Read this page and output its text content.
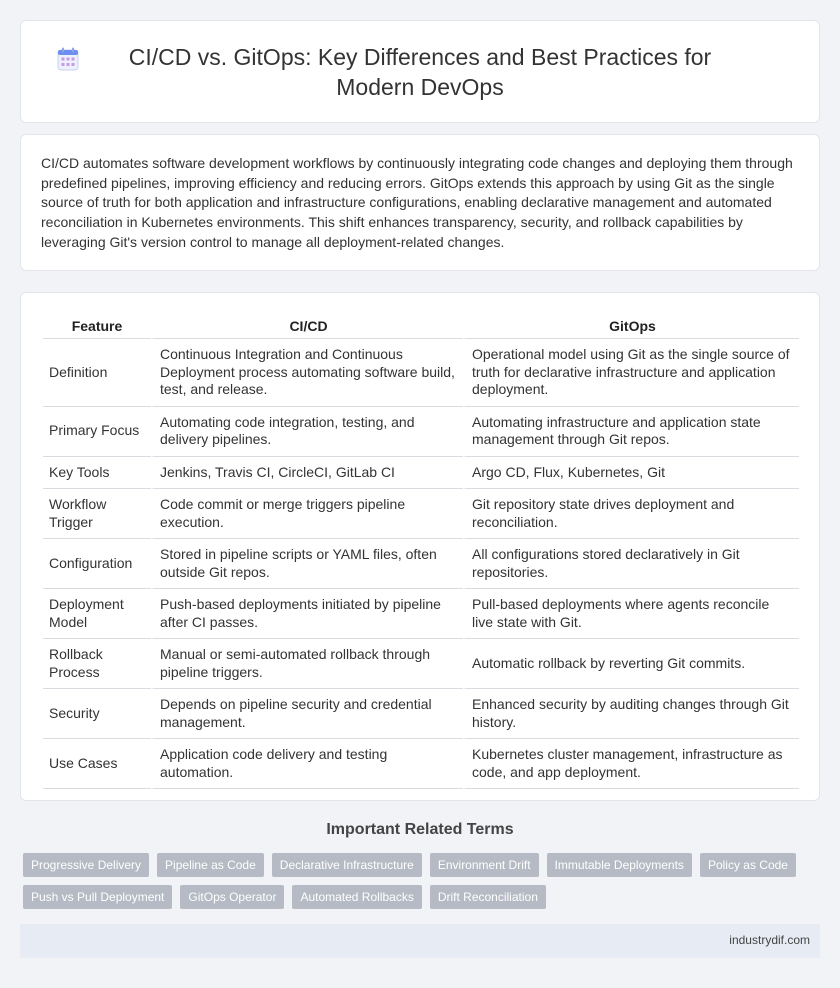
CI/CD vs. GitOps: Key Differences and Best Practices for Modern DevOps

CI/CD automates software development workflows by continuously integrating code changes and deploying them through predefined pipelines, improving efficiency and reducing errors. GitOps extends this approach by using Git as the single source of truth for both application and infrastructure configurations, enabling declarative management and automated reconciliation in Kubernetes environments. This shift enhances transparency, security, and rollback capabilities by leveraging Git's version control to manage all deployment-related changes.

Feature	CI/CD	GitOps
Definition	Continuous Integration and Continuous Deployment process automating software build, test, and release.	Operational model using Git as the single source of truth for declarative infrastructure and application deployment.
Primary Focus	Automating code integration, testing, and delivery pipelines.	Automating infrastructure and application state management through Git repos.
Key Tools	Jenkins, Travis CI, CircleCI, GitLab CI	Argo CD, Flux, Kubernetes, Git
Workflow Trigger	Code commit or merge triggers pipeline execution.	Git repository state drives deployment and reconciliation.
Configuration	Stored in pipeline scripts or YAML files, often outside Git repos.	All configurations stored declaratively in Git repositories.
Deployment Model	Push-based deployments initiated by pipeline after CI passes.	Pull-based deployments where agents reconcile live state with Git.
Rollback Process	Manual or semi-automated rollback through pipeline triggers.	Automatic rollback by reverting Git commits.
Security	Depends on pipeline security and credential management.	Enhanced security by auditing changes through Git history.
Use Cases	Application code delivery and testing automation.	Kubernetes cluster management, infrastructure as code, and app deployment.
Important Related Terms
Progressive Delivery	Pipeline as Code	Declarative Infrastructure	Environment Drift	Immutable Deployments	Policy as Code
Push vs Pull Deployment	GitOps Operator	Automated Rollbacks	Drift Reconciliation
industrydif.com
